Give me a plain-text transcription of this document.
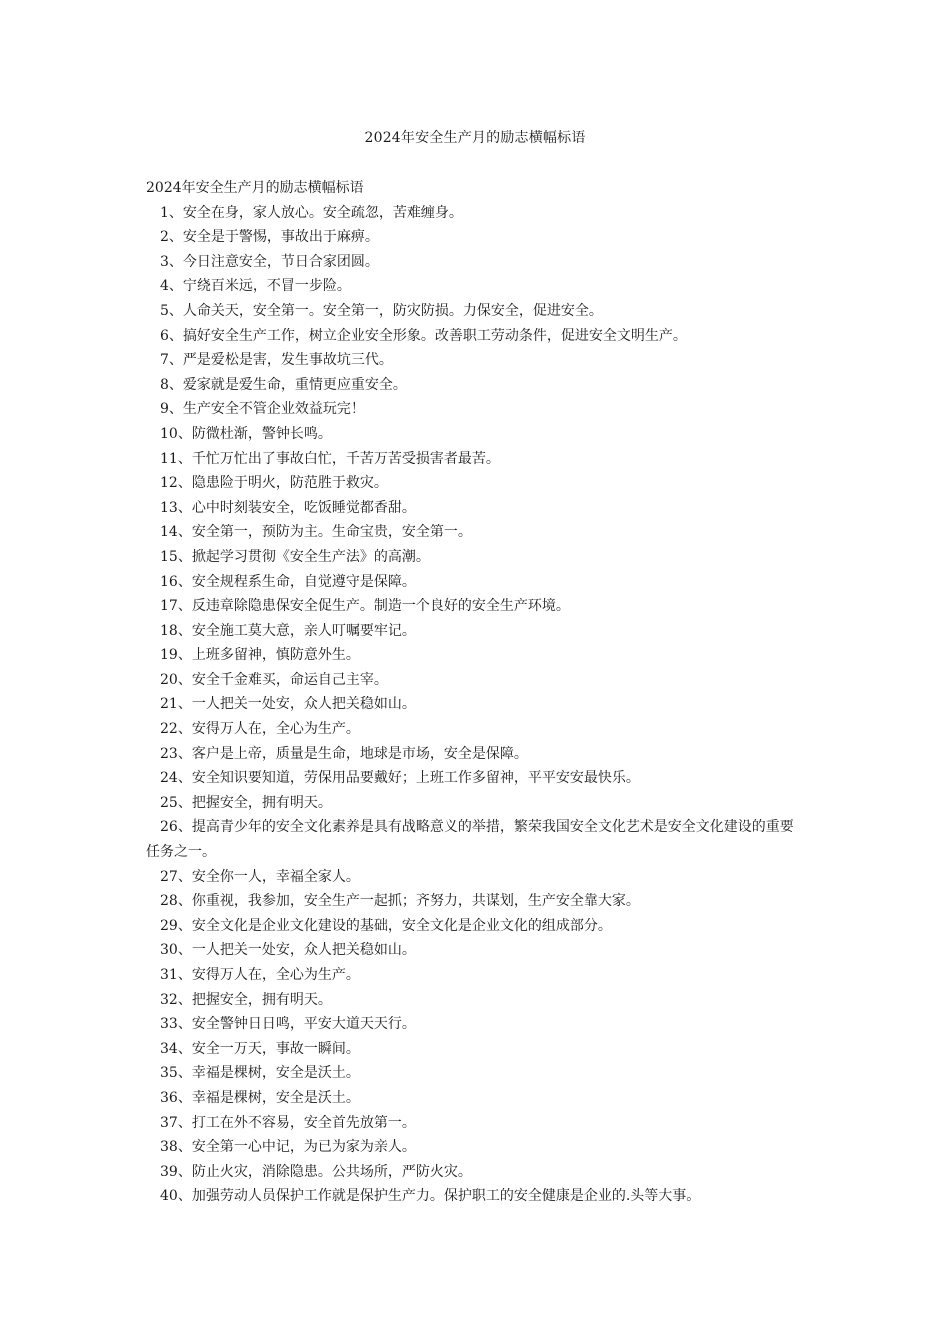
2024年安全生产月的励志横幅标语

2024年安全生产月的励志横幅标语

1、安全在身，家人放心。安全疏忽，苦难缠身。
2、安全是于警惕，事故出于麻痹。
3、今日注意安全，节日合家团圆。
4、宁绕百米远，不冒一步险。
5、人命关天，安全第一。安全第一，防灾防损。力保安全，促进安全。
6、搞好安全生产工作，树立企业安全形象。改善职工劳动条件，促进安全文明生产。
7、严是爱松是害，发生事故坑三代。
8、爱家就是爱生命，重情更应重安全。
9、生产安全不管企业效益玩完！
10、防微杜渐，警钟长鸣。
11、千忙万忙出了事故白忙，千苦万苦受损害者最苦。
12、隐患险于明火，防范胜于救灾。
13、心中时刻装安全，吃饭睡觉都香甜。
14、安全第一，预防为主。生命宝贵，安全第一。
15、掀起学习贯彻《安全生产法》的高潮。
16、安全规程系生命，自觉遵守是保障。
17、反违章除隐患保安全促生产。制造一个良好的安全生产环境。
18、安全施工莫大意，亲人叮嘱要牢记。
19、上班多留神，慎防意外生。
20、安全千金难买，命运自己主宰。
21、一人把关一处安，众人把关稳如山。
22、安得万人在，全心为生产。
23、客户是上帝，质量是生命，地球是市场，安全是保障。
24、安全知识要知道，劳保用品要戴好；上班工作多留神，平平安安最快乐。
25、把握安全，拥有明天。
26、提高青少年的安全文化素养是具有战略意义的举措，繁荣我国安全文化艺术是安全文化建设的重要任务之一。
27、安全你一人，幸福全家人。
28、你重视，我参加，安全生产一起抓；齐努力，共谋划，生产安全靠大家。
29、安全文化是企业文化建设的基础，安全文化是企业文化的组成部分。
30、一人把关一处安，众人把关稳如山。
31、安得万人在，全心为生产。
32、把握安全，拥有明天。
33、安全警钟日日鸣，平安大道天天行。
34、安全一万天，事故一瞬间。
35、幸福是棵树，安全是沃土。
36、幸福是棵树，安全是沃土。
37、打工在外不容易，安全首先放第一。
38、安全第一心中记，为已为家为亲人。
39、防止火灾，消除隐患。公共场所，严防火灾。
40、加强劳动人员保护工作就是保护生产力。保护职工的安全健康是企业的.头等大事。
